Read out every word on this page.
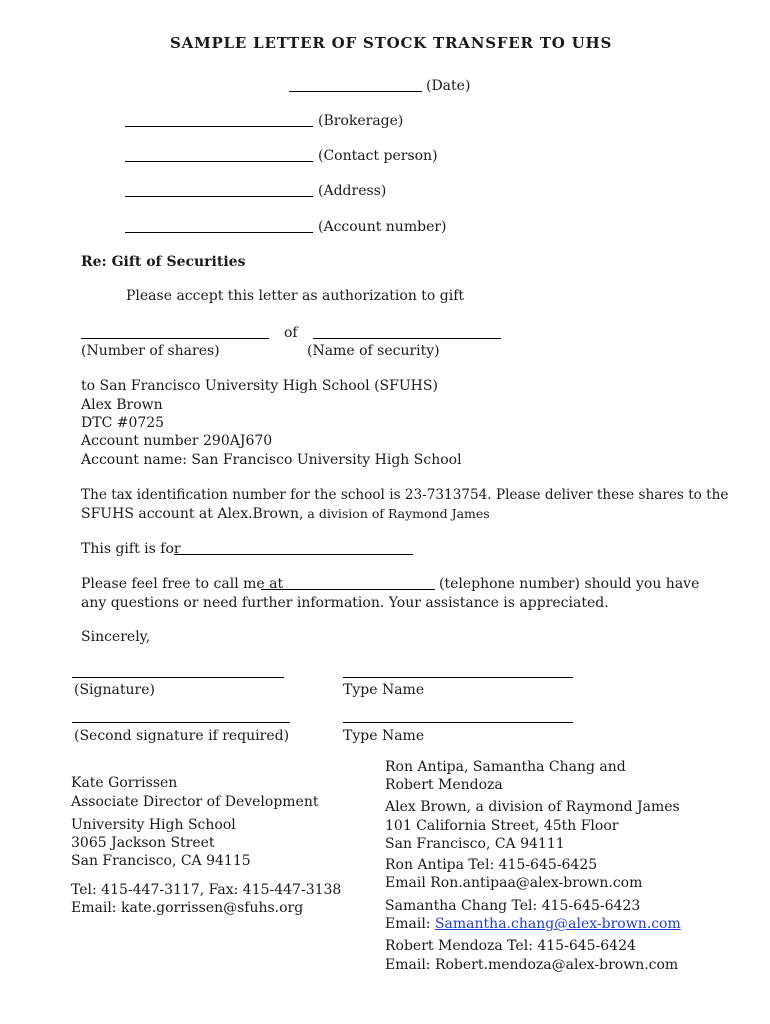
SAMPLE LETTER OF STOCK TRANSFER TO UHS
(Date)
(Brokerage)
(Contact person)
(Address)
(Account number)
Re: Gift of Securities
Please accept this letter as authorization to gift
of
(Number of shares)	(Name of security)
to San Francisco University High School (SFUHS)
Alex Brown
DTC #0725
Account number 290AJ670
Account name: San Francisco University High School
The tax identification number for the school is 23-7313754. Please deliver these shares to the
SFUHS account at Alex.Brown, a division of Raymond James
This gift is for
Please feel free to call me at	(telephone number) should you have
any questions or need further information. Your assistance is appreciated.
Sincerely,
(Signature)	Type Name
(Second signature if required)	Type Name
Kate Gorrissen
Associate Director of Development
University High School
3065 Jackson Street
San Francisco, CA 94115
Tel: 415-447-3117, Fax: 415-447-3138
Email: kate.gorrissen@sfuhs.org
Ron Antipa, Samantha Chang and
Robert Mendoza
Alex Brown, a division of Raymond James
101 California Street, 45th Floor
San Francisco, CA 94111
Ron Antipa Tel: 415-645-6425
Email Ron.antipaa@alex-brown.com
Samantha Chang Tel: 415-645-6423
Email: Samantha.chang@alex-brown.com
Robert Mendoza Tel: 415-645-6424
Email: Robert.mendoza@alex-brown.com
